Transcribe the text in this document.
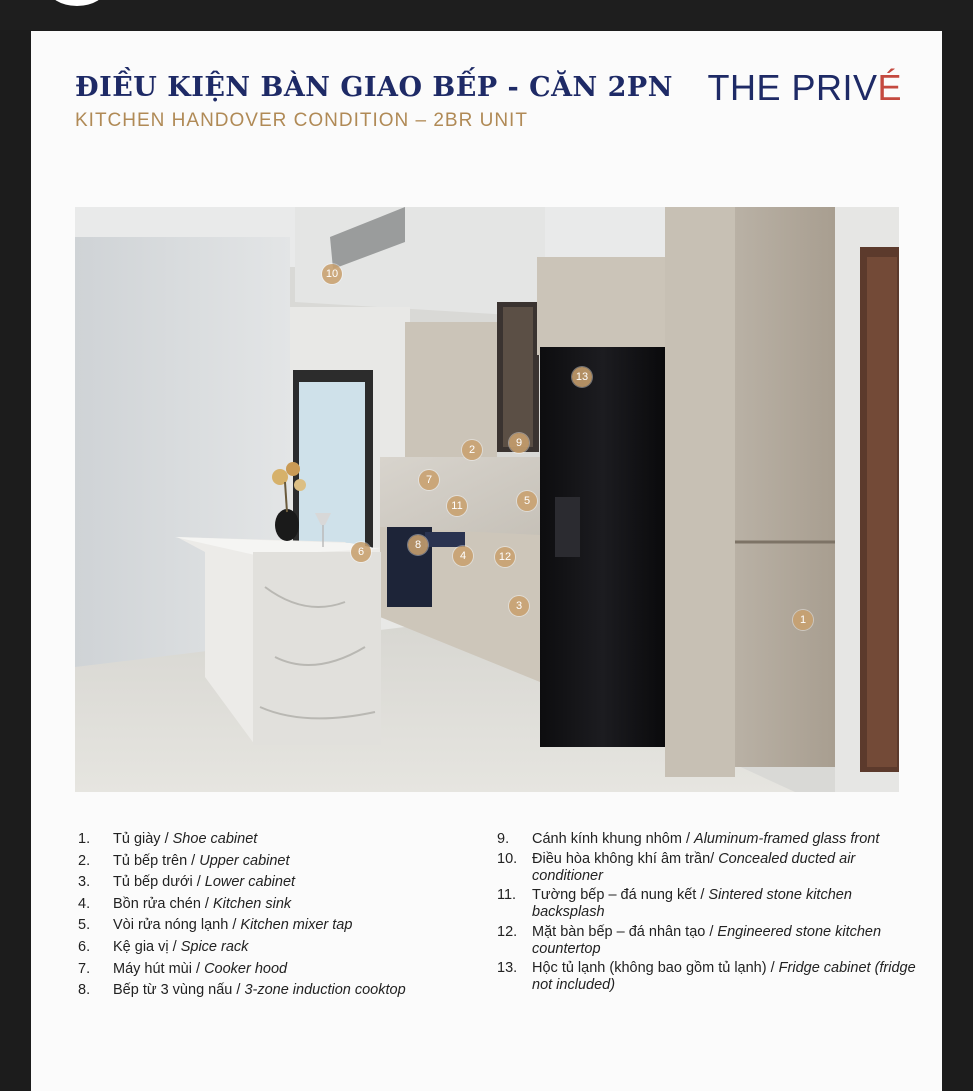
ĐIỀU KIỆN BÀN GIAO BẾP - CĂN 2PN
KITCHEN HANDOVER CONDITION – 2BR UNIT
THE PRIVÉ
1
2
3
4
5
6
7
8
9
10
11
12
13
1.	Tủ giày / Shoe cabinet
2.	Tủ bếp trên / Upper cabinet
3.	Tủ bếp dưới / Lower cabinet
4.	Bồn rửa chén / Kitchen sink
5.	Vòi rửa nóng lạnh / Kitchen mixer tap
6.	Kệ gia vị / Spice rack
7.	Máy hút mùi / Cooker hood
8.	Bếp từ 3 vùng nấu / 3-zone induction cooktop
9.	Cánh kính khung nhôm / Aluminum-framed glass front
10.	Điều hòa không khí âm trần/ Concealed ducted air conditioner
11.	Tường bếp – đá nung kết / Sintered stone kitchen backsplash
12.	Mặt bàn bếp – đá nhân tạo / Engineered stone kitchen countertop
13.	Hộc tủ lạnh (không bao gồm tủ lạnh) / Fridge cabinet (fridge not included)
